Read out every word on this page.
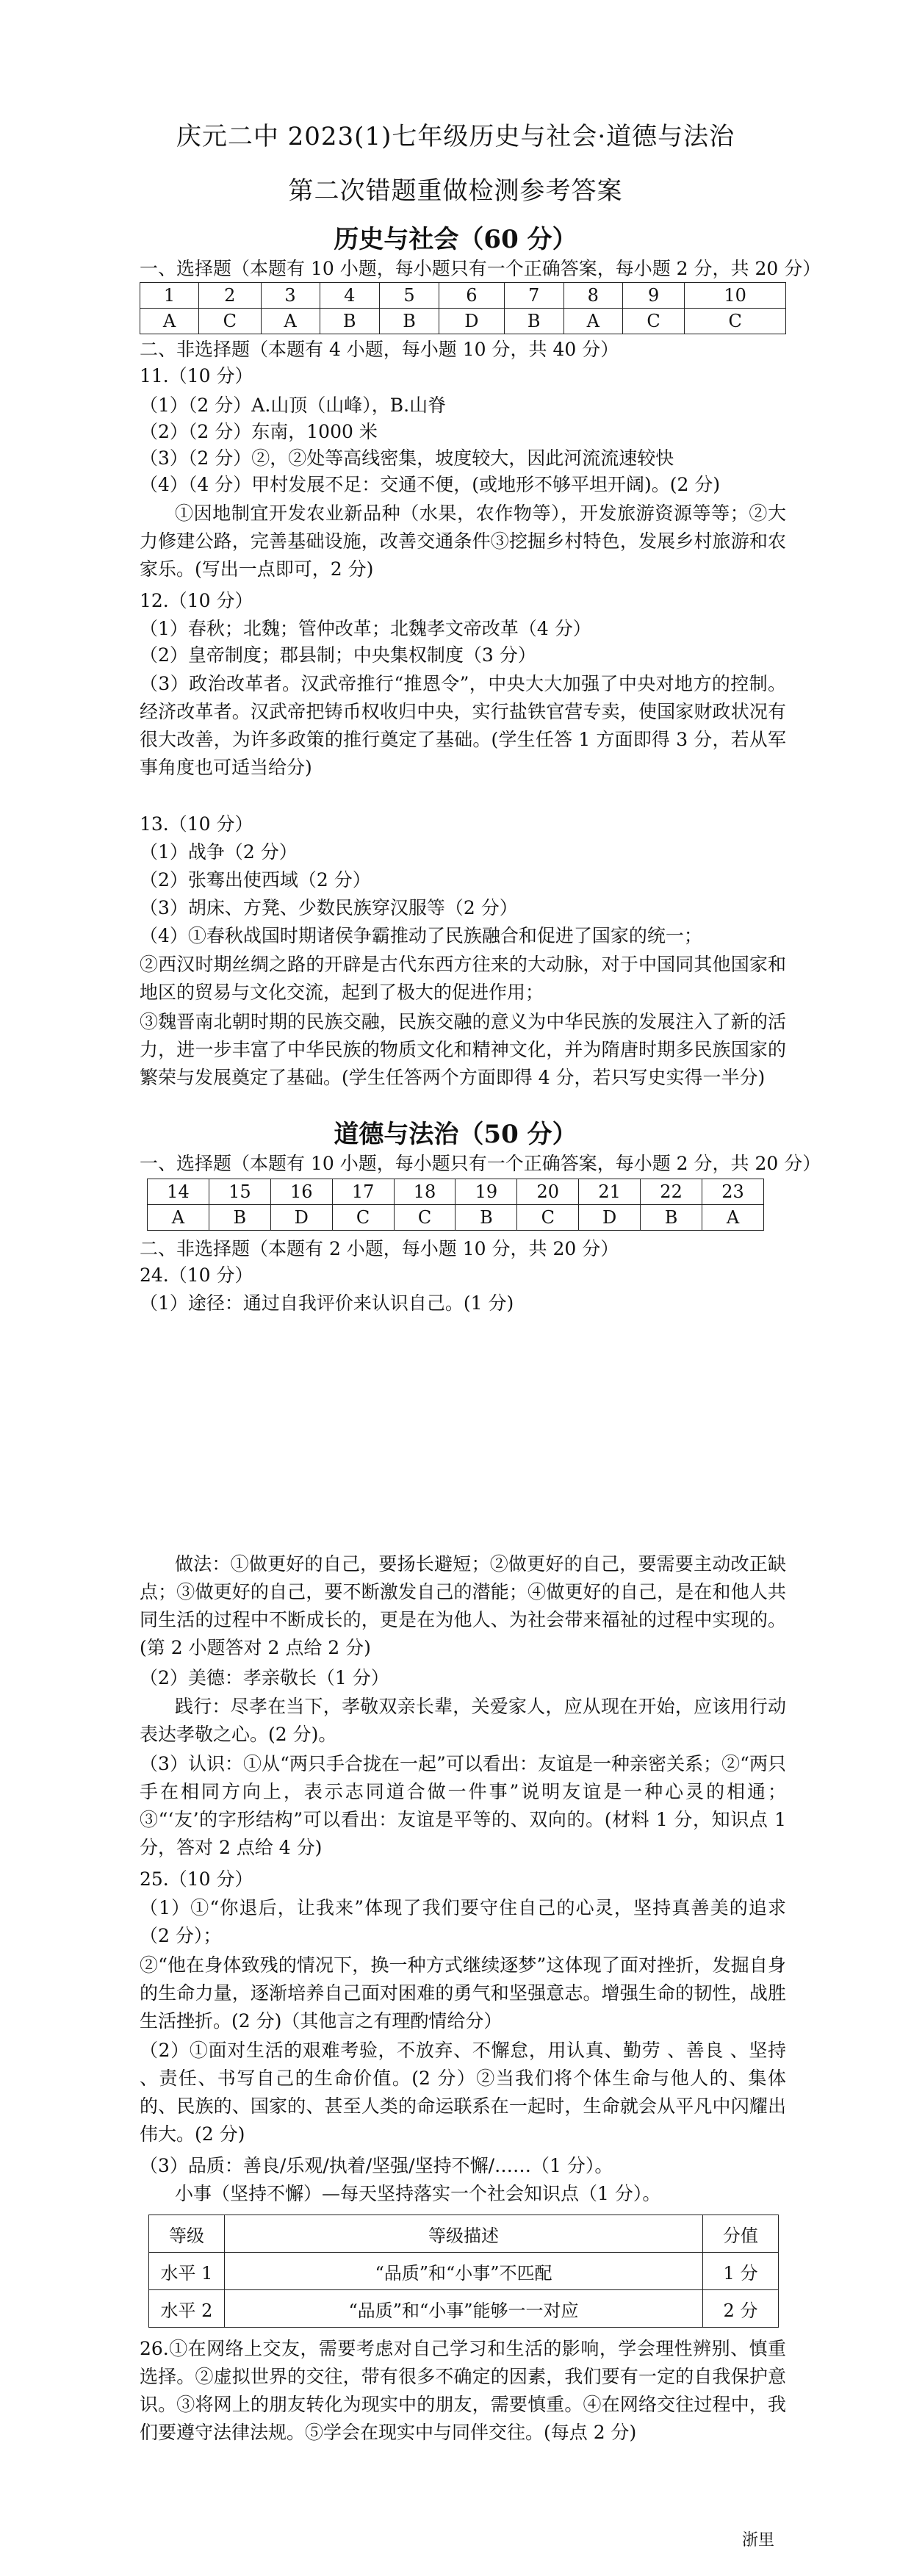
庆元二中 2023(1)七年级历史与社会·道德与法治
第二次错题重做检测参考答案
历史与社会（60 分）
一、选择题（本题有 10 小题，每小题只有一个正确答案，每小题 2 分，共 20 分）
1	2	3	4	5	6	7	8	9	10
A	C	A	B	B	D	B	A	C	C
二、非选择题（本题有 4 小题，每小题 10 分，共 40 分）
11.（10 分）
（1）（2 分）A.山顶（山峰），B.山脊
（2）（2 分）东南，1000 米
（3）（2 分）②，②处等高线密集，坡度较大，因此河流流速较快
（4）（4 分）甲村发展不足：交通不便，(或地形不够平坦开阔)。(2 分)
①因地制宜开发农业新品种（水果，农作物等），开发旅游资源等等；②大力修建公路，完善基础设施，改善交通条件③挖掘乡村特色，发展乡村旅游和农家乐。(写出一点即可，2 分)
12.（10 分）
（1）春秋；北魏；管仲改革；北魏孝文帝改革（4 分）
（2）皇帝制度；郡县制；中央集权制度（3 分）
（3）政治改革者。汉武帝推行“推恩令”，中央大大加强了中央对地方的控制。经济改革者。汉武帝把铸币权收归中央，实行盐铁官营专卖，使国家财政状况有很大改善，为许多政策的推行奠定了基础。(学生任答 1 方面即得 3 分，若从军事角度也可适当给分)
13.（10 分）
（1）战争（2 分）
（2）张骞出使西域（2 分）
（3）胡床、方凳、少数民族穿汉服等（2 分）
（4）①春秋战国时期诸侯争霸推动了民族融合和促进了国家的统一；
②西汉时期丝绸之路的开辟是古代东西方往来的大动脉，对于中国同其他国家和地区的贸易与文化交流，起到了极大的促进作用；
③魏晋南北朝时期的民族交融，民族交融的意义为中华民族的发展注入了新的活力，进一步丰富了中华民族的物质文化和精神文化，并为隋唐时期多民族国家的繁荣与发展奠定了基础。(学生任答两个方面即得 4 分，若只写史实得一半分)
道德与法治（50 分）
一、选择题（本题有 10 小题，每小题只有一个正确答案，每小题 2 分，共 20 分）
14	15	16	17	18	19	20	21	22	23
A	B	D	C	C	B	C	D	B	A
二、非选择题（本题有 2 小题，每小题 10 分，共 20 分）
24.（10 分）
（1）途径：通过自我评价来认识自己。(1 分)
做法：①做更好的自己，要扬长避短；②做更好的自己，要需要主动改正缺点；③做更好的自己，要不断激发自己的潜能；④做更好的自己，是在和他人共同生活的过程中不断成长的，更是在为他人、为社会带来福祉的过程中实现的。(第 2 小题答对 2 点给 2 分)
（2）美德：孝亲敬长（1 分）
践行：尽孝在当下，孝敬双亲长辈，关爱家人，应从现在开始，应该用行动表达孝敬之心。(2 分)。
（3）认识：①从“两只手合拢在一起”可以看出：友谊是一种亲密关系；②“两只手在相同方向上，表示志同道合做一件事”说明友谊是一种心灵的相通；③“‘友’的字形结构”可以看出：友谊是平等的、双向的。(材料 1 分，知识点 1 分，答对 2 点给 4 分)
25.（10 分）
（1）①“你退后，让我来”体现了我们要守住自己的心灵，坚持真善美的追求（2 分）；
②“他在身体致残的情况下，换一种方式继续逐梦”这体现了面对挫折，发掘自身的生命力量，逐渐培养自己面对困难的勇气和坚强意志。增强生命的韧性，战胜生活挫折。(2 分)（其他言之有理酌情给分）
（2）①面对生活的艰难考验，不放弃、不懈怠，用认真、勤劳 、善良 、坚持 、责任、书写自己的生命价值。(2 分）②当我们将个体生命与他人的、集体的、民族的、国家的、甚至人类的命运联系在一起时，生命就会从平凡中闪耀出伟大。(2 分)
（3）品质：善良/乐观/执着/坚强/坚持不懈/……（1 分）。
小事（坚持不懈）—每天坚持落实一个社会知识点（1 分）。
等级	等级描述	分值
水平 1	“品质”和“小事”不匹配	1 分
水平 2	“品质”和“小事”能够一一对应	2 分
26.①在网络上交友，需要考虑对自己学习和生活的影响，学会理性辨别、慎重选择。②虚拟世界的交往，带有很多不确定的因素，我们要有一定的自我保护意识。③将网上的朋友转化为现实中的朋友，需要慎重。④在网络交往过程中，我们要遵守法律法规。⑤学会在现实中与同伴交往。(每点 2 分)
浙里
